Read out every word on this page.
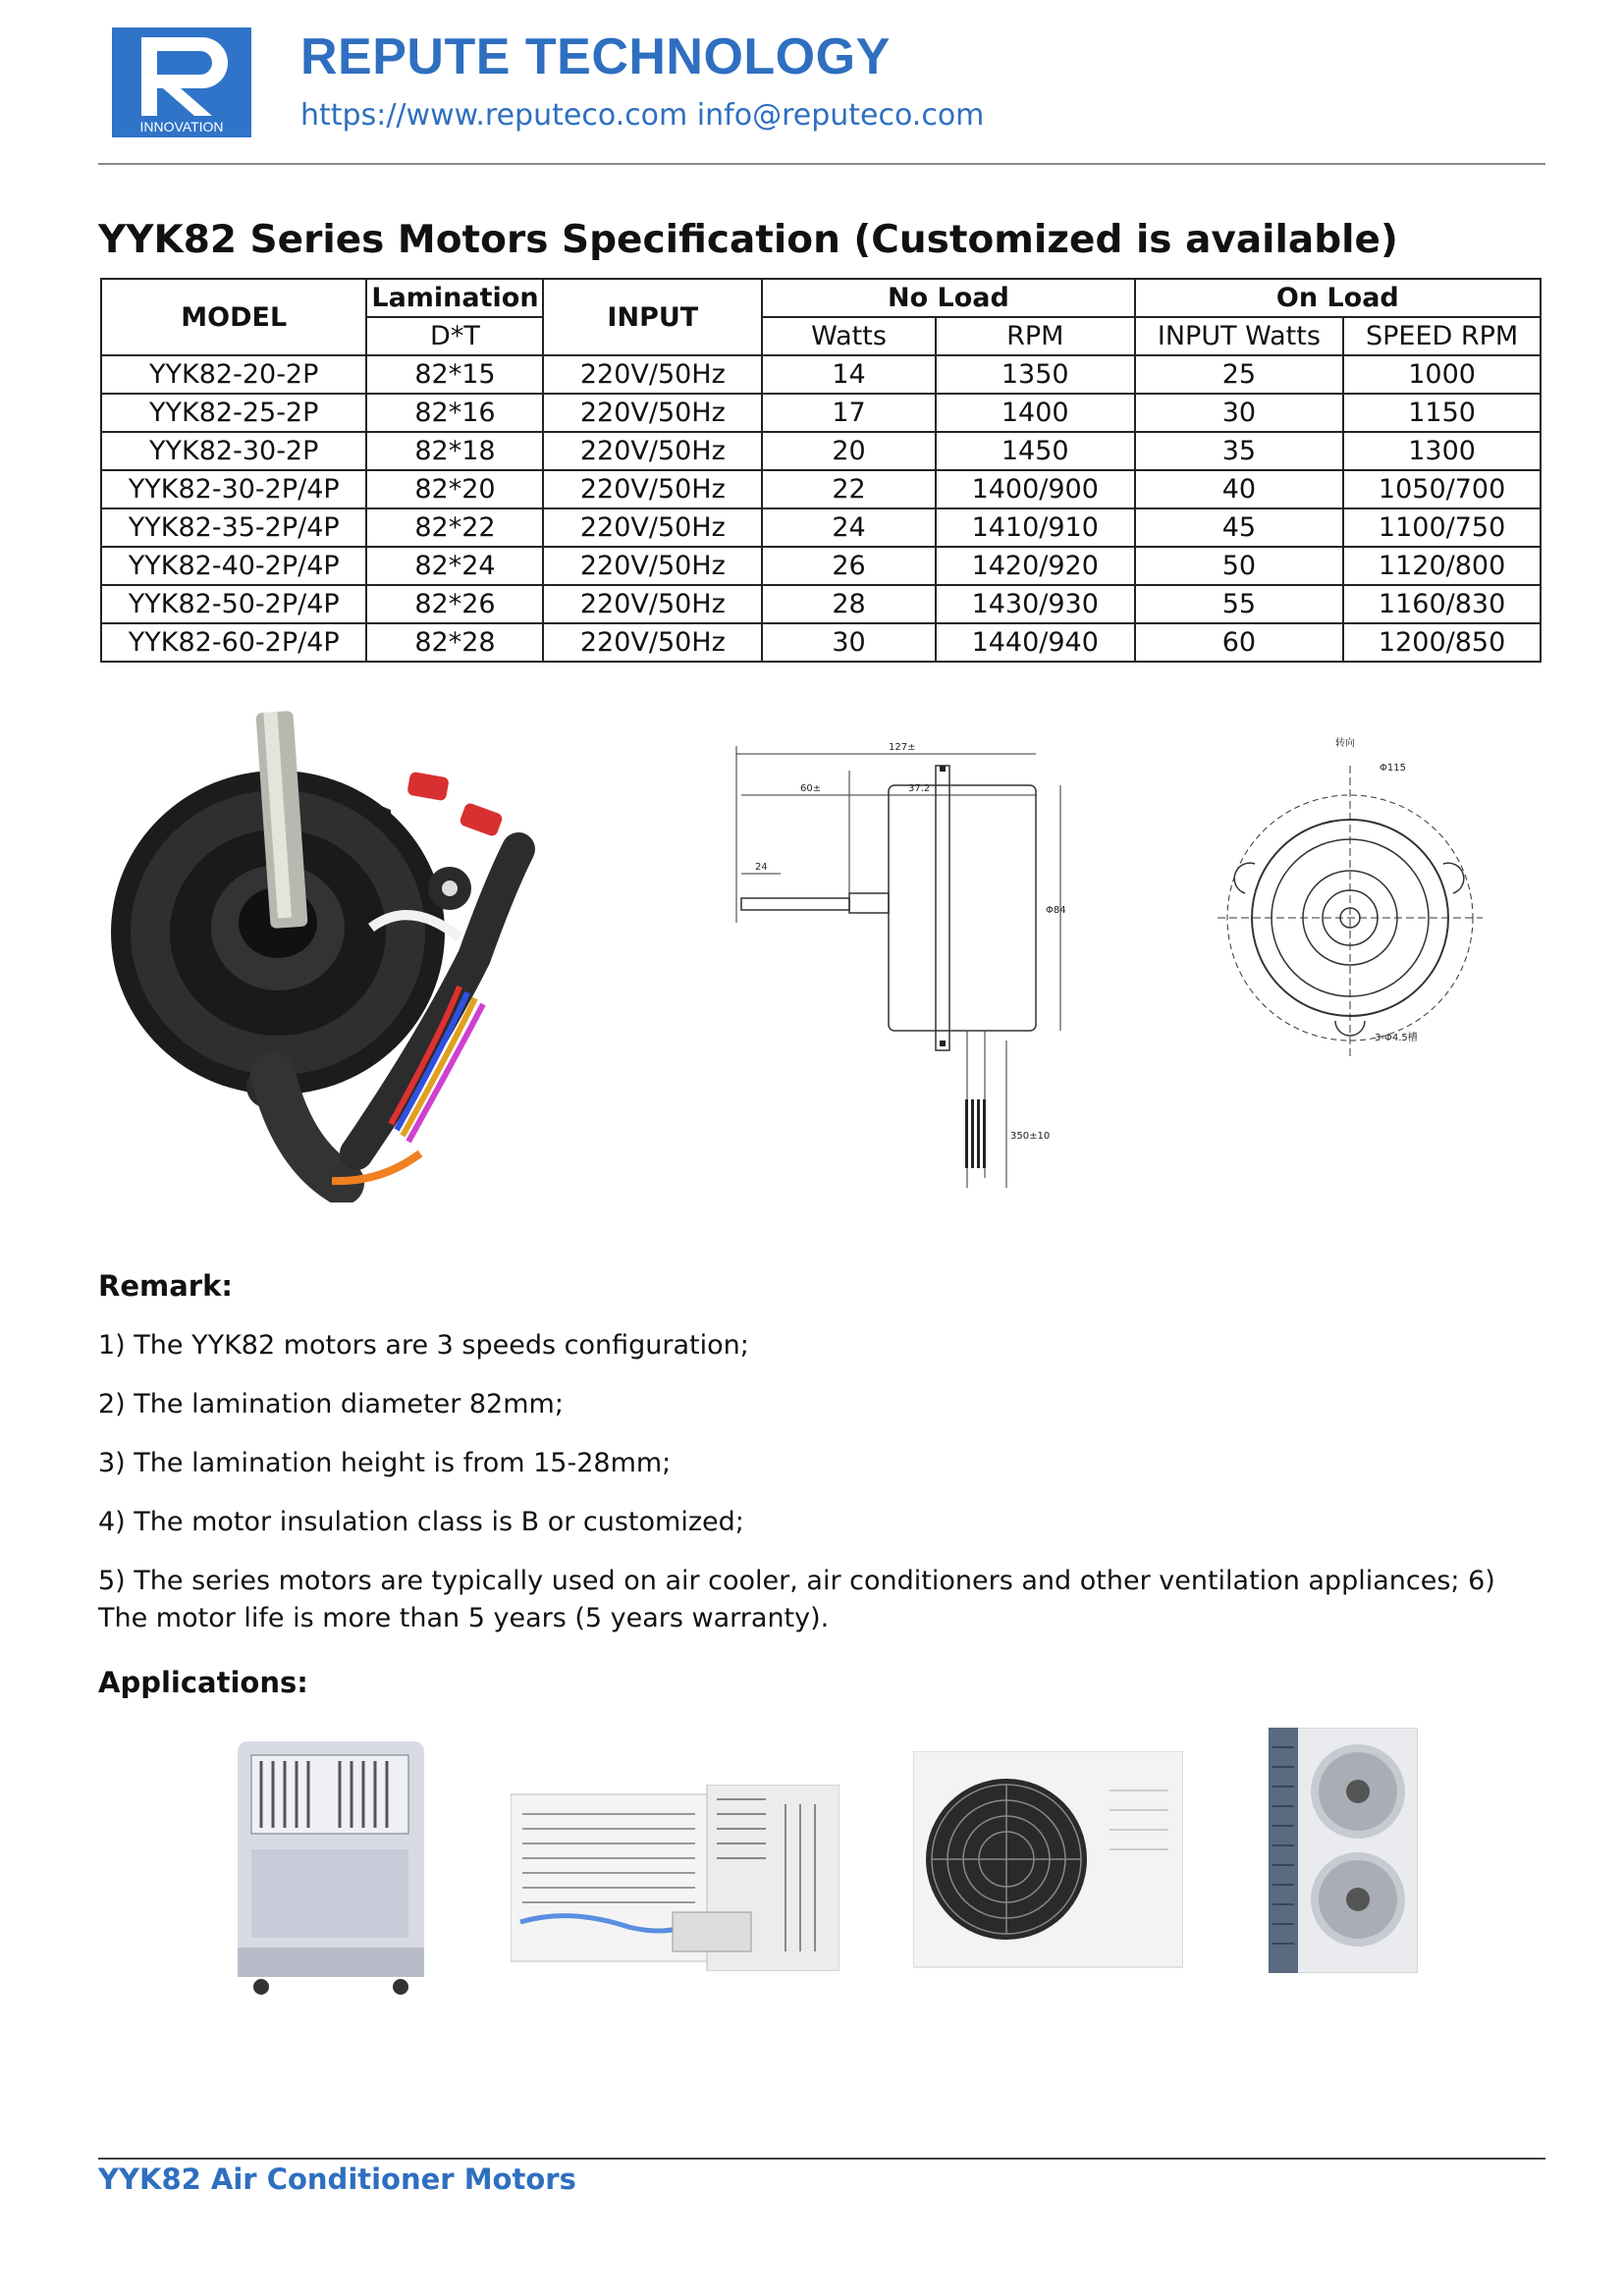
INNOVATION
REPUTE TECHNOLOGY
https://www.reputeco.com info@reputeco.com
YYK82 Series Motors Specification (Customized is available)
MODEL	Lamination	INPUT	No Load		On Load	
	D*T		Watts	RPM	INPUT Watts	SPEED RPM
YYK82-20-2P	82*15	220V/50Hz	14	1350	25	1000
YYK82-25-2P	82*16	220V/50Hz	17	1400	30	1150
YYK82-30-2P	82*18	220V/50Hz	20	1450	35	1300
YYK82-30-2P/4P	82*20	220V/50Hz	22	1400/900	40	1050/700
YYK82-35-2P/4P	82*22	220V/50Hz	24	1410/910	45	1100/750
YYK82-40-2P/4P	82*24	220V/50Hz	26	1420/920	50	1120/800
YYK82-50-2P/4P	82*26	220V/50Hz	28	1430/930	55	1160/830
YYK82-60-2P/4P	82*28	220V/50Hz	30	1440/940	60	1200/850
127±
60±	37.2
24
Φ84
350±10
转向
Φ115
3-Φ4.5槽
Remark:
1) The YYK82 motors are 3 speeds configuration;
2) The lamination diameter 82mm;
3) The lamination height is from 15-28mm;
4) The motor insulation class is B or customized;
5) The series motors are typically used on air cooler, air conditioners and other ventilation appliances; 6) The motor life is more than 5 years (5 years warranty).
Applications:
YYK82 Air Conditioner Motors
